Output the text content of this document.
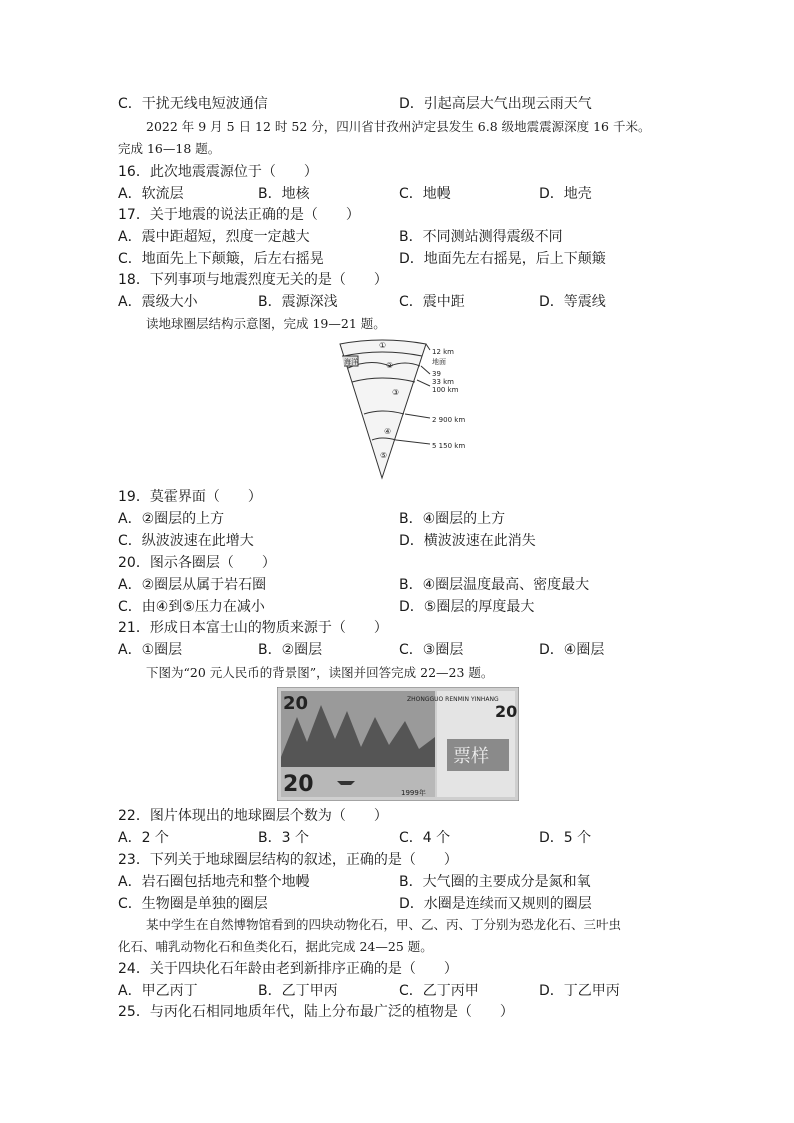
C．干扰无线电短波通信	D．引起高层大气出现云雨天气
2022 年 9 月 5 日 12 时 52 分，四川省甘孜州泸定县发生 6.8 级地震震源深度 16 千米。
完成 16—18 题。
16．此次地震震源位于（　　）
A．软流层	B．地核	C．地幔	D．地壳
17．关于地震的说法正确的是（　　）
A．震中距超短，烈度一定越大	B．不同测站测得震级不同
C．地面先上下颠簸，后左右摇晃	D．地面先左右摇晃，后上下颠簸
18．下列事项与地震烈度无关的是（　　）
A．震级大小	B．震源深浅	C．震中距	D．等震线
读地球圈层结构示意图，完成 19—21 题。
①
②
③
④
⑤
海洋	地面
12 km
39
33 km
100 km
2 900 km
5 150 km
19．莫霍界面（　　）
A．②圈层的上方	B．④圈层的上方
C．纵波波速在此增大	D．横波波速在此消失
20．图示各圈层（　　）
A．②圈层从属于岩石圈	B．④圈层温度最高、密度最大
C．由④到⑤压力在减小	D．⑤圈层的厚度最大
21．形成日本富士山的物质来源于（　　）
A．①圈层	B．②圈层	C．③圈层	D．④圈层
下图为“20 元人民币的背景图”，读图并回答完成 22—23 题。
20
20
ZHONGGUO RENMIN YINHANG
20
票样
1999年
22．图片体现出的地球圈层个数为（　　）
A．2 个	B．3 个	C．4 个	D．5 个
23．下列关于地球圈层结构的叙述，正确的是（　　）
A．岩石圈包括地壳和整个地幔	B．大气圈的主要成分是氮和氧
C．生物圈是单独的圈层	D．水圈是连续而又规则的圈层
某中学生在自然博物馆看到的四块动物化石，甲、乙、丙、丁分别为恐龙化石、三叶虫
化石、哺乳动物化石和鱼类化石，据此完成 24—25 题。
24．关于四块化石年龄由老到新排序正确的是（　　）
A．甲乙丙丁	B．乙丁甲丙	C．乙丁丙甲	D．丁乙甲丙
25．与丙化石相同地质年代，陆上分布最广泛的植物是（　　）
